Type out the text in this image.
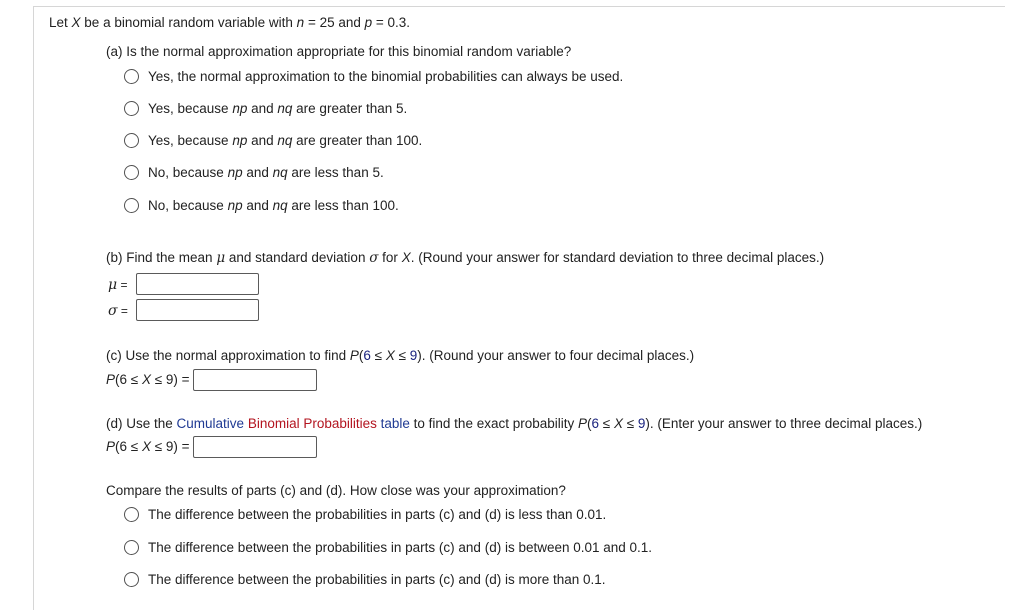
Let X be a binomial random variable with n = 25 and p = 0.3.
(a) Is the normal approximation appropriate for this binomial random variable?
Yes, the normal approximation to the binomial probabilities can always be used.
Yes, because np and nq are greater than 5.
Yes, because np and nq are greater than 100.
No, because np and nq are less than 5.
No, because np and nq are less than 100.
(b) Find the mean μ and standard deviation σ for X. (Round your answer for standard deviation to three decimal places.)
μ =
σ =
(c) Use the normal approximation to find P(6 ≤ X ≤ 9). (Round your answer to four decimal places.)
P(6 ≤ X ≤ 9) =
(d) Use the Cumulative Binomial Probabilities table to find the exact probability P(6 ≤ X ≤ 9). (Enter your answer to three decimal places.)
P(6 ≤ X ≤ 9) =
Compare the results of parts (c) and (d). How close was your approximation?
The difference between the probabilities in parts (c) and (d) is less than 0.01.
The difference between the probabilities in parts (c) and (d) is between 0.01 and 0.1.
The difference between the probabilities in parts (c) and (d) is more than 0.1.
